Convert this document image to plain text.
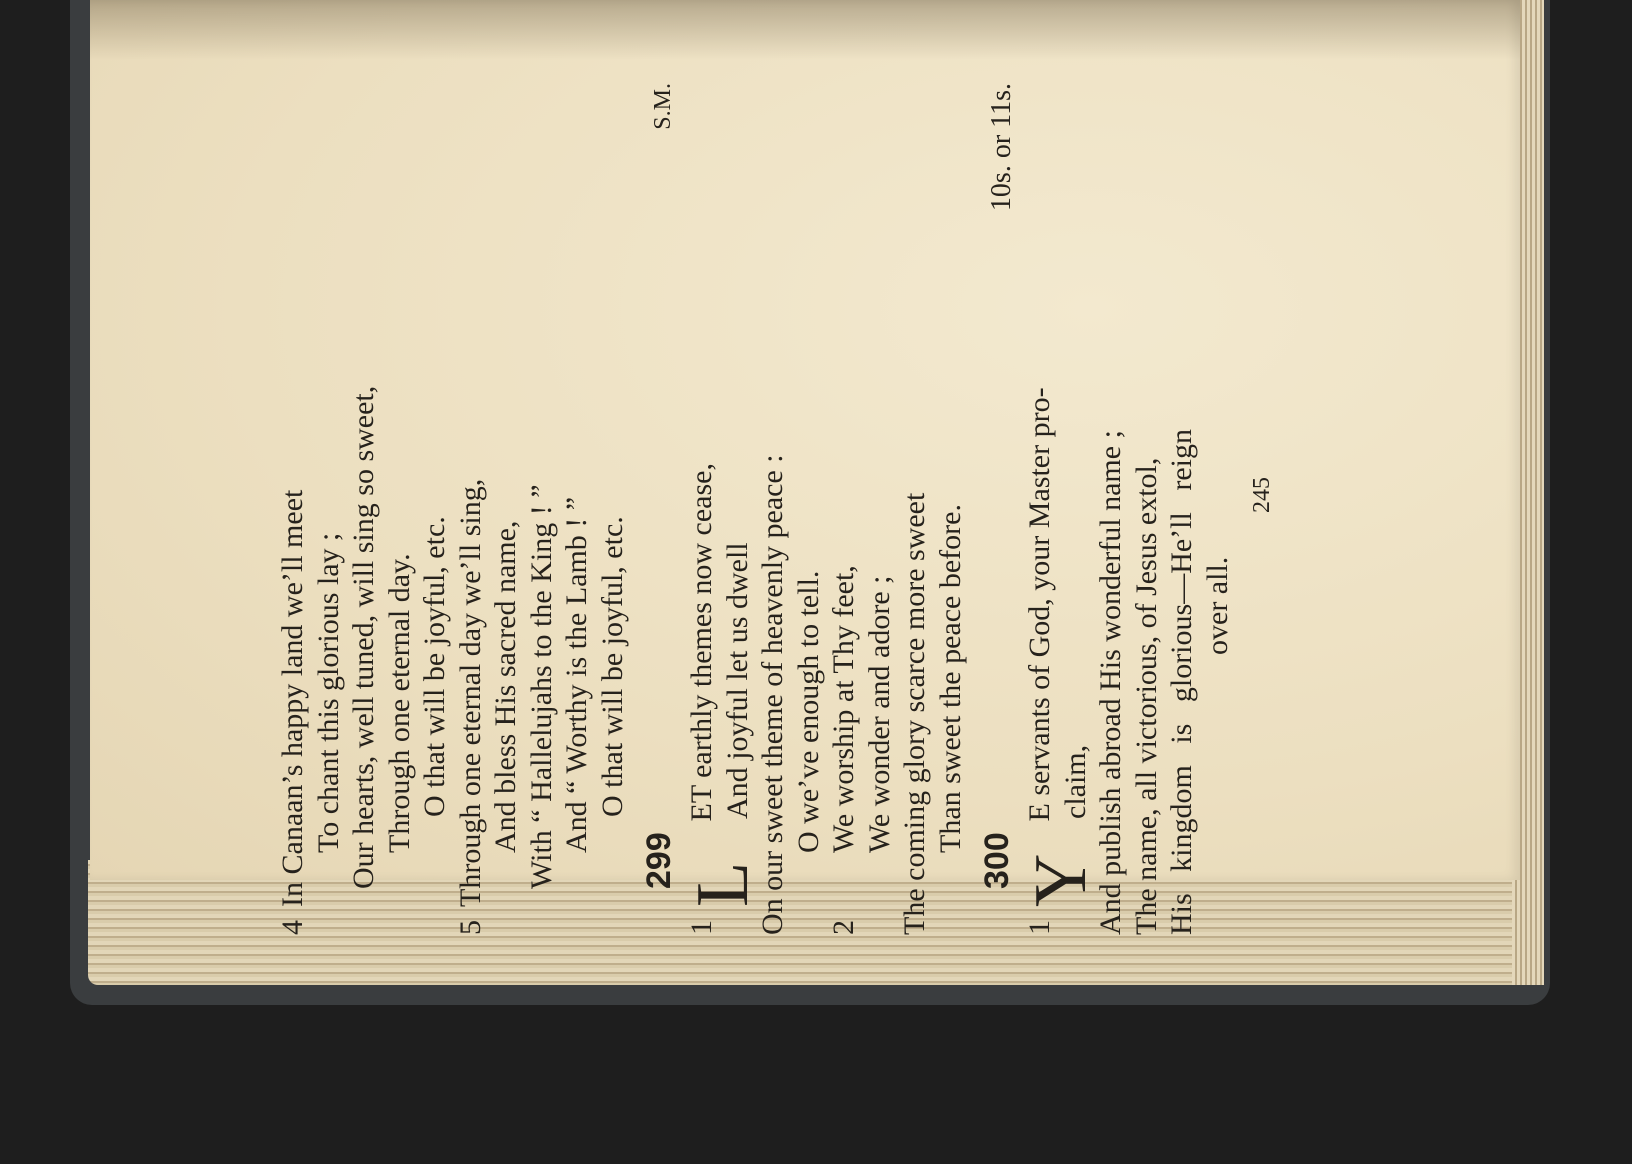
4In Canaan’s happy land we’ll meet To chant this glorious lay ; Our hearts, well tuned, will sing so sweet, Through one eternal day. O that will be joyful, etc.
5Through one eternal day we’ll sing, And bless His sacred name, With “ Hallelujahs to the King ! ” And “ Worthy is the Lamb ! ” O that will be joyful, etc.
299
S.M.
1
L
ET earthly themes now cease, And joyful let us dwell On our sweet theme of heavenly peace : O we’ve enough to tell.
2We worship at Thy feet, We wonder and adore ; The coming glory scarce more sweet Than sweet the peace before.
300
10s. or 11s.
1
Y
E servants of God, your Master pro- claim, And publish abroad His wonderful name ; The name, all victorious, of Jesus extol, His kingdom is glorious—He’ll reign over all.
245
